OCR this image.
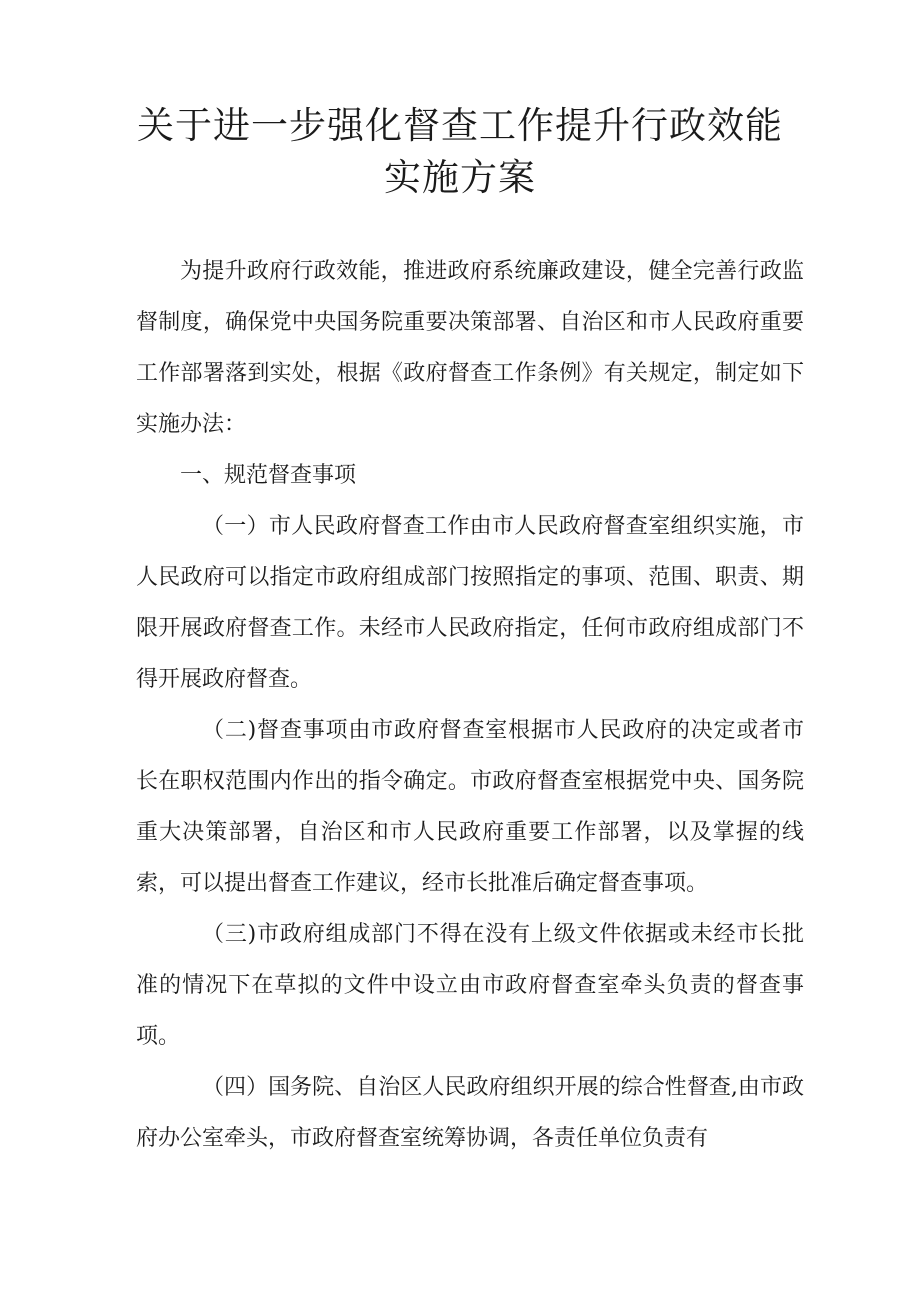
关于进一步强化督查工作提升行政效能实施方案

为提升政府行政效能，推进政府系统廉政建设，健全完善行政监督制度，确保党中央国务院重要决策部署、自治区和市人民政府重要工作部署落到实处，根据《政府督查工作条例》有关规定，制定如下实施办法：

一、规范督查事项

（一）市人民政府督查工作由市人民政府督查室组织实施，市人民政府可以指定市政府组成部门按照指定的事项、范围、职责、期限开展政府督查工作。未经市人民政府指定，任何市政府组成部门不得开展政府督查。

（二)督查事项由市政府督查室根据市人民政府的决定或者市长在职权范围内作出的指令确定。市政府督查室根据党中央、国务院重大决策部署，自治区和市人民政府重要工作部署，以及掌握的线索，可以提出督查工作建议，经市长批准后确定督查事项。

（三)市政府组成部门不得在没有上级文件依据或未经市长批准的情况下在草拟的文件中设立由市政府督查室牵头负责的督查事项。

（四）国务院、自治区人民政府组织开展的综合性督查,由市政府办公室牵头，市政府督查室统筹协调，各责任单位负责有
